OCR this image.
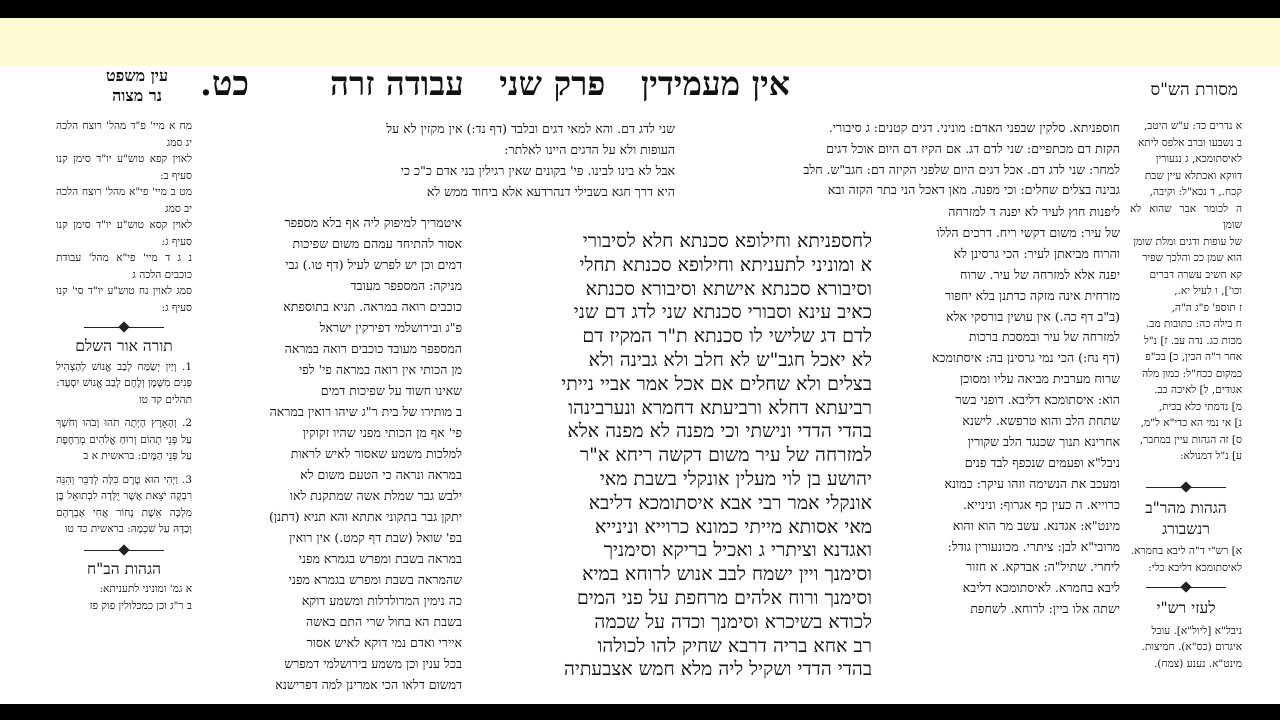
אין מעמידין פרק שני עבודה זרה
כט.	מסורת הש"ס
עין משפט
נר מצוה
א נדרים כד: ע"ש היטב,
ב נשבעו וברב אלפס ליתא
לאיסתומכא, ג ננעורין
דווקא ואכתלא עיין שבת
קכח., ד נכא"ל: וקיבה,
ה לכומר אבר שהוא לא שומן
של עופות ודגים ומלת שומן
הוא שמן ככ והלכך שפיר
קא חשיב עשרה דברים
וכו'], ו לעיל יא.,
ז תוספ' פ"ג ה"ה,
ח בילה כה: כתובות מב.
מכות כג. נדה עב. ז] נ"ל
אחר ר"ה הכין, כ] בכ"פ
כמקום ככח"ל: כמון מלה
אגודים, ל] לאיכה כב.
מ] נדמתי כלא בכית,
נ] אי נמי הא כדי"א ל"מ,
ס] זה הגהות עיין במחבר,
ע] נ"ל דמנולא:
הגהות מהר"ב רנשבורג
א] רש"י ד"ה ליבא בחמרא. לאיסתומכא דליבא כלי:
לעזי רש"י
ניבל"א [ליול"א]. עובל
איגרום (כס"א). חמיצות.
מינט"א. נענע (צמח).
שני לדג דם. והא למאי דגים ובלבד (דף נד:) אין מקזין לא על
העופות ולא על הדגים היינו לאלתר:
אבל לא בינו לבינו. פי' בקונים שאין רגילין בני אדם כ"כ כי
היא דרך חגא בשבילי דנהרדעא אלא ביחוד ממש לא
חוספניתא. סלקין שבפני האדם: מוניני. דגים קטנים: ג סיבורי.
הקזת דם מכתפיים: שני לדם דג. אם הקיז דם היום אוכל דגים
למחר: שני לדג דם. אכל דגים היום שלפני הקיזה דם: חגב"ש. חלב
גבינה בצלים שחלים: וכי מפנה. מאן דאכל הני בתר הקזה ובא
ליפנות חוץ לעיר לא יפנה ד למזרחה
של עיר: משום דקשי ריח. דרכים הללו
והרוח מביאתן לעיר: הכי גרסינן לא
יפנה אלא למזרחה של עיר. שרוח
מזרחית אינה מזקה כדתנן בלא יחפור
(ב"ב דף כה.) אין עושין בורסקי אלא
למזרחה של עיר ובמסכת ברכות
(דף נח:) הכי נמי גרסינן בה: איסתומכא
שרוח מערבית מביאה עליו ומסוכן
הוא: איסתומכא דליבא. דופני בשר
שתחת הלב והוא טרפשא. לישנא
אחרינא תנוך שכנגד הלב שקורין
ניבל"א ופעמים שנכפף לבד פנים
ומעכב את הנשימה וזהו עיקר: כמונא
כרוייא. ה כעין כף אגרוף: ונינייא.
מינט"א: אגדנא. עשב מר הוא והוא
מרובי"א לבן: ציתרי. מכונעורין גודל:
ליחרי. שתיל"ה: אבדקא. א חזור
ליבא בחמרא. לאיסתומכא דליבא
ישתה אלו ביין: לרוחא. לשחפת
לחספניתא וחילופא סכנתא חלא לסיבורי
א ומוניני לתעניתא וחילופא סכנתא תחלי
וסיבורא סכנתא אישתא וסיבורא סכנתא
כאיב עינא וסבורי סכנתא שני לדג דם שני
לדם דג שלישי לו סכנתא ת"ר המקיז דם
לא יאכל חגב"ש לא חלב ולא גבינה ולא
בצלים ולא שחלים אם אכל אמר אביי נייתי
רביעתא דחלא ורביעתא דחמרא ונערבינהו
בהדי הדדי ונישתי וכי מפנה לא מפנה אלא
למזרחה של עיר משום דקשה ריחא א"ר
יהושע בן לוי מעלין אונקלי בשבת מאי
אונקלי אמר רבי אבא איסתומכא דליבא
מאי אסותא מייתי כמונא כרוייא ונינייא
ואגדנא וציתרי ג ואכיל בריקא וסימניך
וסימנך ויין ישמח לבב אנוש לרוחא במיא
וסימנך ורוח אלהים מרחפת על פני המים
לכודא בשיכרא וסימנך וכדה על שכמה
רב אחא בריה דרבא שחיק להו לכולהו
בהדי הדדי ושקיל ליה מלא חמש אצבעתיה
איטמריך למיפוק ליה אף בלא מספפר
אסור להתיחד עמהם משום שפיכות
דמים וכן יש לפרש לעיל (דף טו.) גבי
מניקה: המספפר מעובד
כוכבים רואה במראה. תניא בתוספתא
פ"ג ובירושלמי דפירקין ישראל
המספפר מעובד כוכבים רואה במראה
מן הכותי אין רואה במראה פי' לפי
שאינו חשוד על שפיכות דמים
ב מותירו של בית ר"ג שיהו רואין במראה
פי' אף מן הכותי מפני שהיו זקוקין
למלכות משמע שאסור לאיש לראות
במראה ונראה כי הטעם משום לא
ילבש גבר שמלת אשה שמתקנת לאו
יתקן גבר בתקוני אתתא והא תניא (דתנן)
בפ' שואל (שבת דף קמט.) אין רואין
במראה בשבת ומפרש בגמרא מפני
שהמראה בשבת ומפרש בגמרא מפני
כה נימין המדולדלות ומשמע דוקא
בשבת הא בחול שרי התם באשה
איירי ואדם נמי דוקא לאיש אסור
בכל ענין וכן משמע בירושלמי דמפרש
דמשום דלאו הכי אמרינן למה דפרישנא
מח א מיי' פ"ד מהל' רוצח הלכה יג סמג
לאוין קפא טוש"ע יו"ד סימן קנו סעיף ב:
מט ב מיי' פי"א מהל' רוצח הלכה יב סמג
לאוין קסא טוש"ע יו"ד סימן קנו סעיף ג:
נ ג ד מיי' פי"א מהל' עבודת כוכבים הלכה ג
סמג לאוין נח טוש"ע יו"ד סי' קנו סעיף ג:
תורה אור השלם
1. וְיַיִן יְשַׂמַּח לְבַב אֱנוֹשׁ לְהַצְהִיל פָּנִים מִשָּׁמֶן וְלֶחֶם לְבַב אֱנוֹשׁ יִסְעָד: תהלים קד טו
2. וְהָאָרֶץ הָיְתָה תֹהוּ וָבֹהוּ וְחֹשֶׁךְ עַל פְּנֵי תְהוֹם וְרוּחַ אֱלֹהִים מְרַחֶפֶת עַל פְּנֵי הַמָּיִם: בראשית א ב
3. וַיְהִי הוּא טֶרֶם כִּלָּה לְדַבֵּר וְהִנֵּה רִבְקָה יֹצֵאת אֲשֶׁר יֻלְּדָה לִבְתוּאֵל בֶּן מִלְכָּה אֵשֶׁת נָחוֹר אֲחִי אַבְרָהָם וְכַדָּהּ עַל שִׁכְמָהּ: בראשית כד טו
הגהות הב"ח
א גמ' ומוניני לתעניתא:
ב ר"ג וכן כמכלולין פוק פז
